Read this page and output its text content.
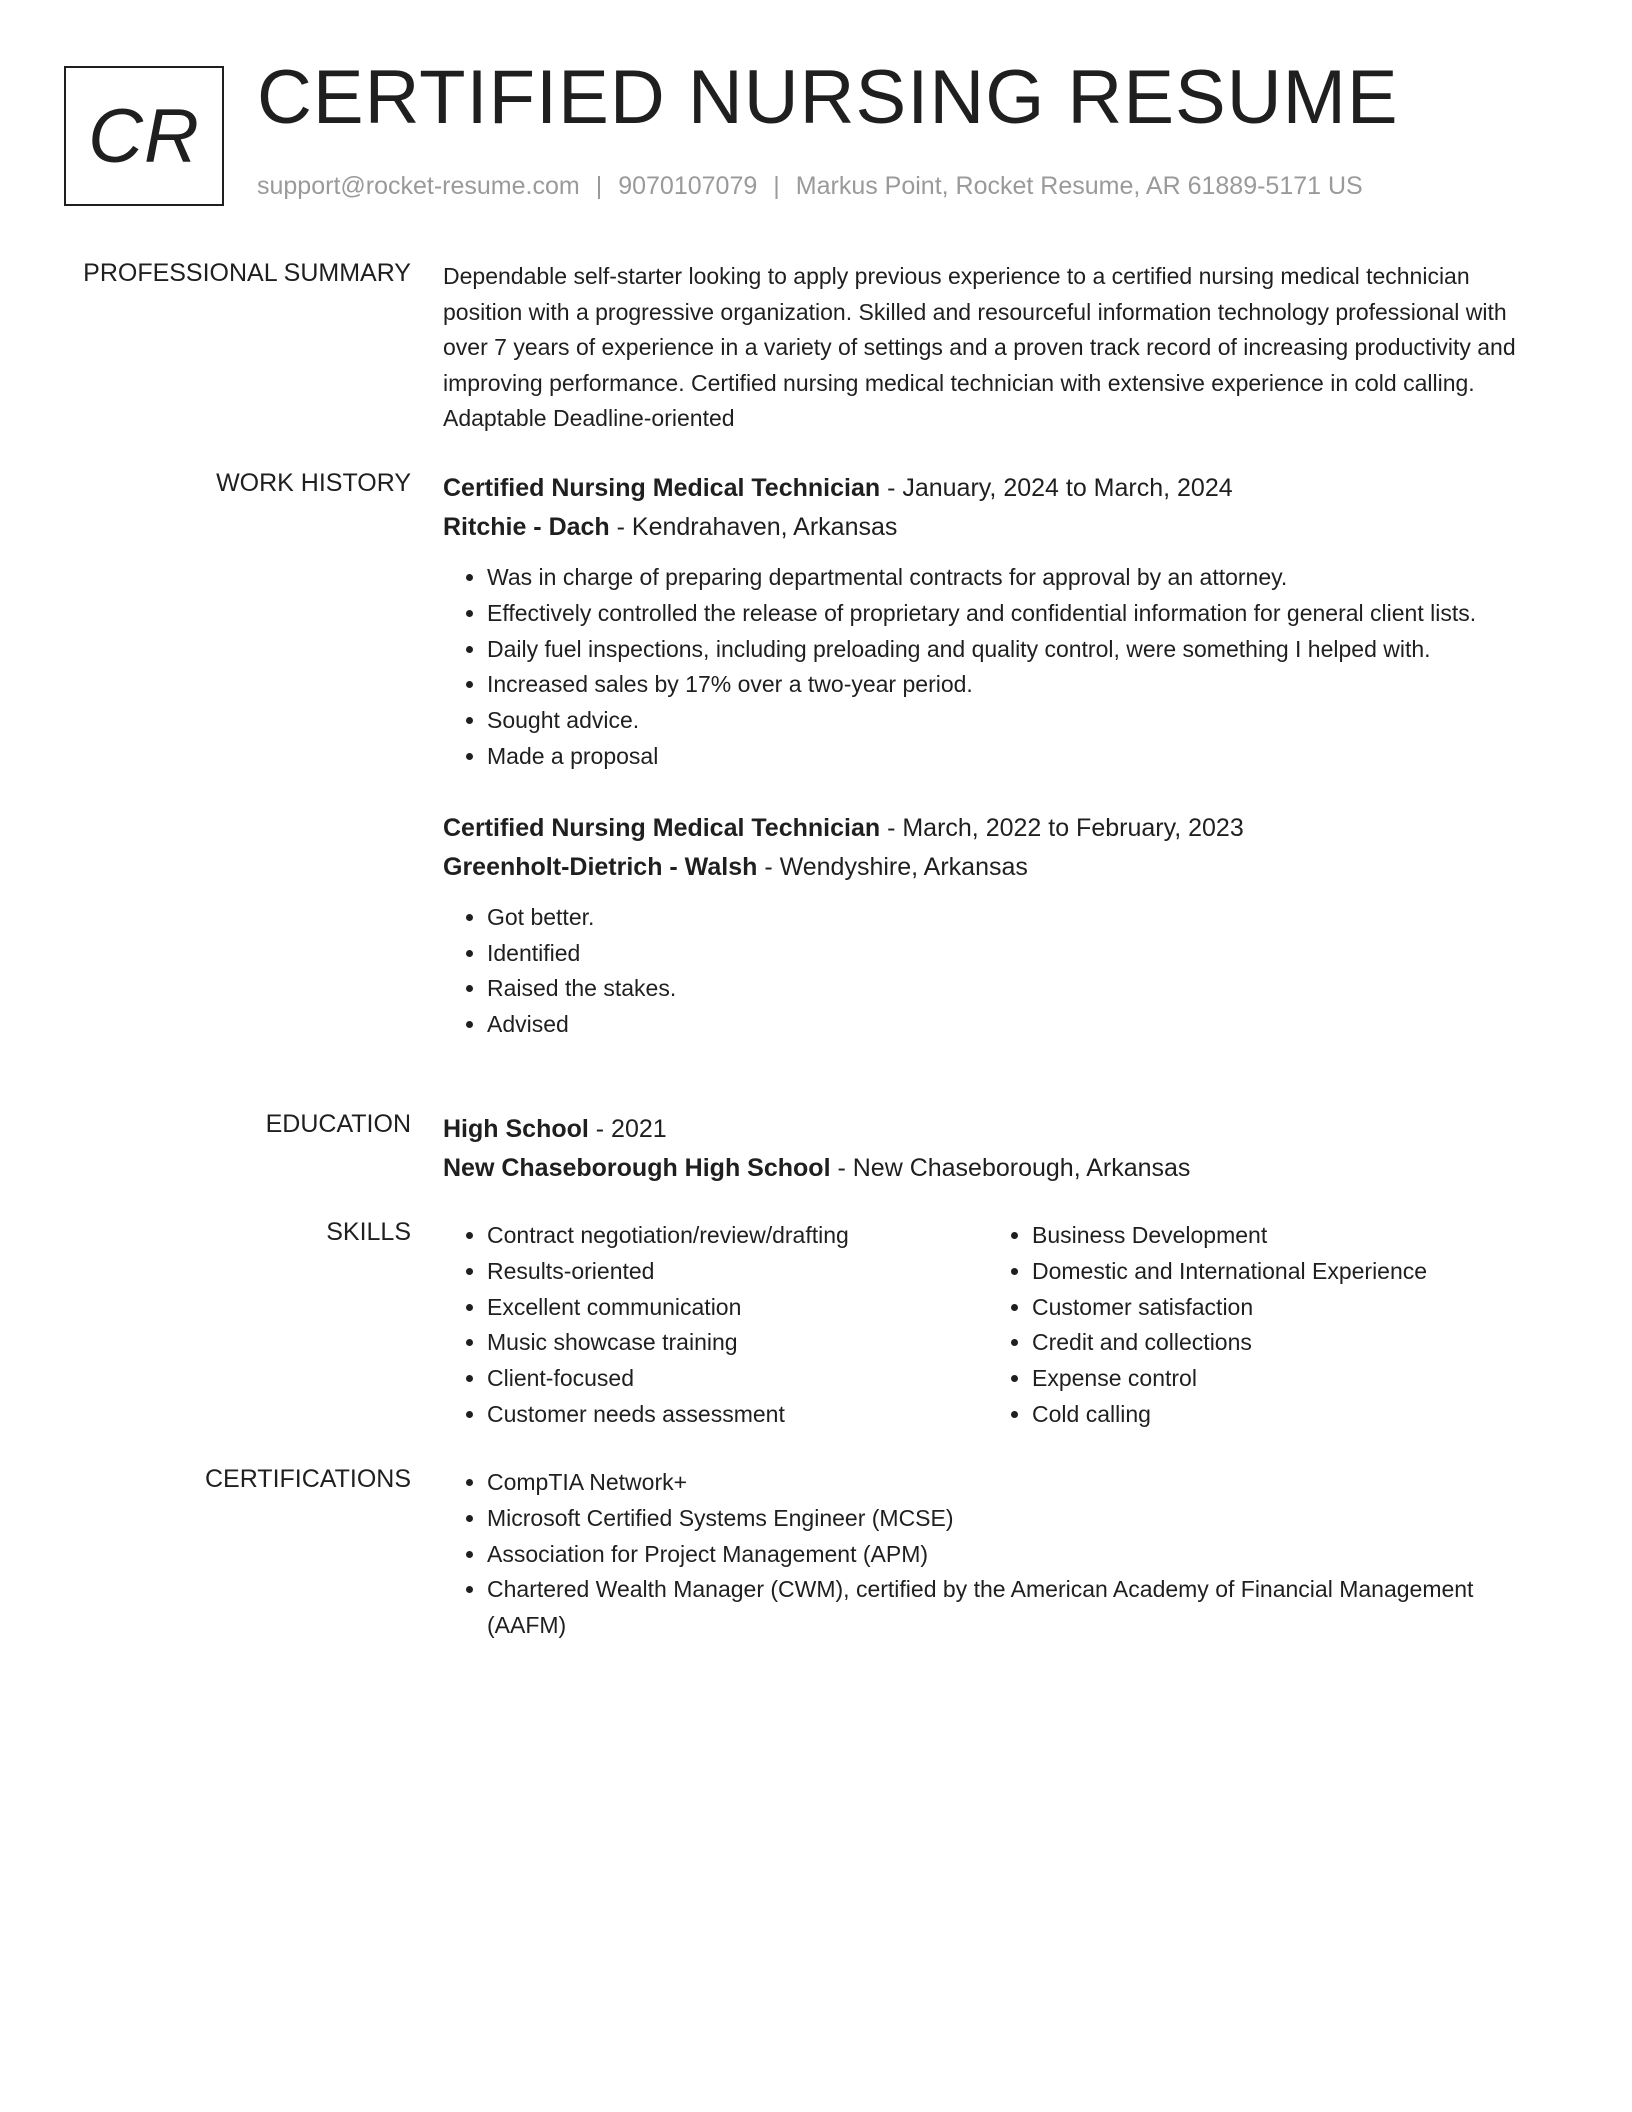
CR CERTIFIED NURSING RESUME
support@rocket-resume.com | 9070107079 | Markus Point, Rocket Resume, AR 61889-5171 US
PROFESSIONAL SUMMARY Dependable self-starter looking to apply previous experience to a certified nursing medical technician position with a progressive organization. Skilled and resourceful information technology professional with over 7 years of experience in a variety of settings and a proven track record of increasing productivity and improving performance. Certified nursing medical technician with extensive experience in cold calling. Adaptable Deadline-oriented

WORK HISTORY Certified Nursing Medical Technician - January, 2024 to March, 2024
Ritchie - Dach - Kendrahaven, Arkansas
• Was in charge of preparing departmental contracts for approval by an attorney.
• Effectively controlled the release of proprietary and confidential information for general client lists.
• Daily fuel inspections, including preloading and quality control, were something I helped with.
• Increased sales by 17% over a two-year period.
• Sought advice.
• Made a proposal
Certified Nursing Medical Technician - March, 2022 to February, 2023
Greenholt-Dietrich - Walsh - Wendyshire, Arkansas
• Got better.
• Identified
• Raised the stakes.
• Advised
EDUCATION High School - 2021
New Chaseborough High School - New Chaseborough, Arkansas
SKILLS	• Contract negotiation/review/drafting
• Results-oriented
• Excellent communication
• Music showcase training
• Client-focused
• Customer needs assessment
• Business Development
• Domestic and International Experience
• Customer satisfaction
• Credit and collections
• Expense control
• Cold calling
CERTIFICATIONS	• CompTIA Network+
• Microsoft Certified Systems Engineer (MCSE)
• Association for Project Management (APM)
• Chartered Wealth Manager (CWM), certified by the American Academy of Financial Management (AAFM)
